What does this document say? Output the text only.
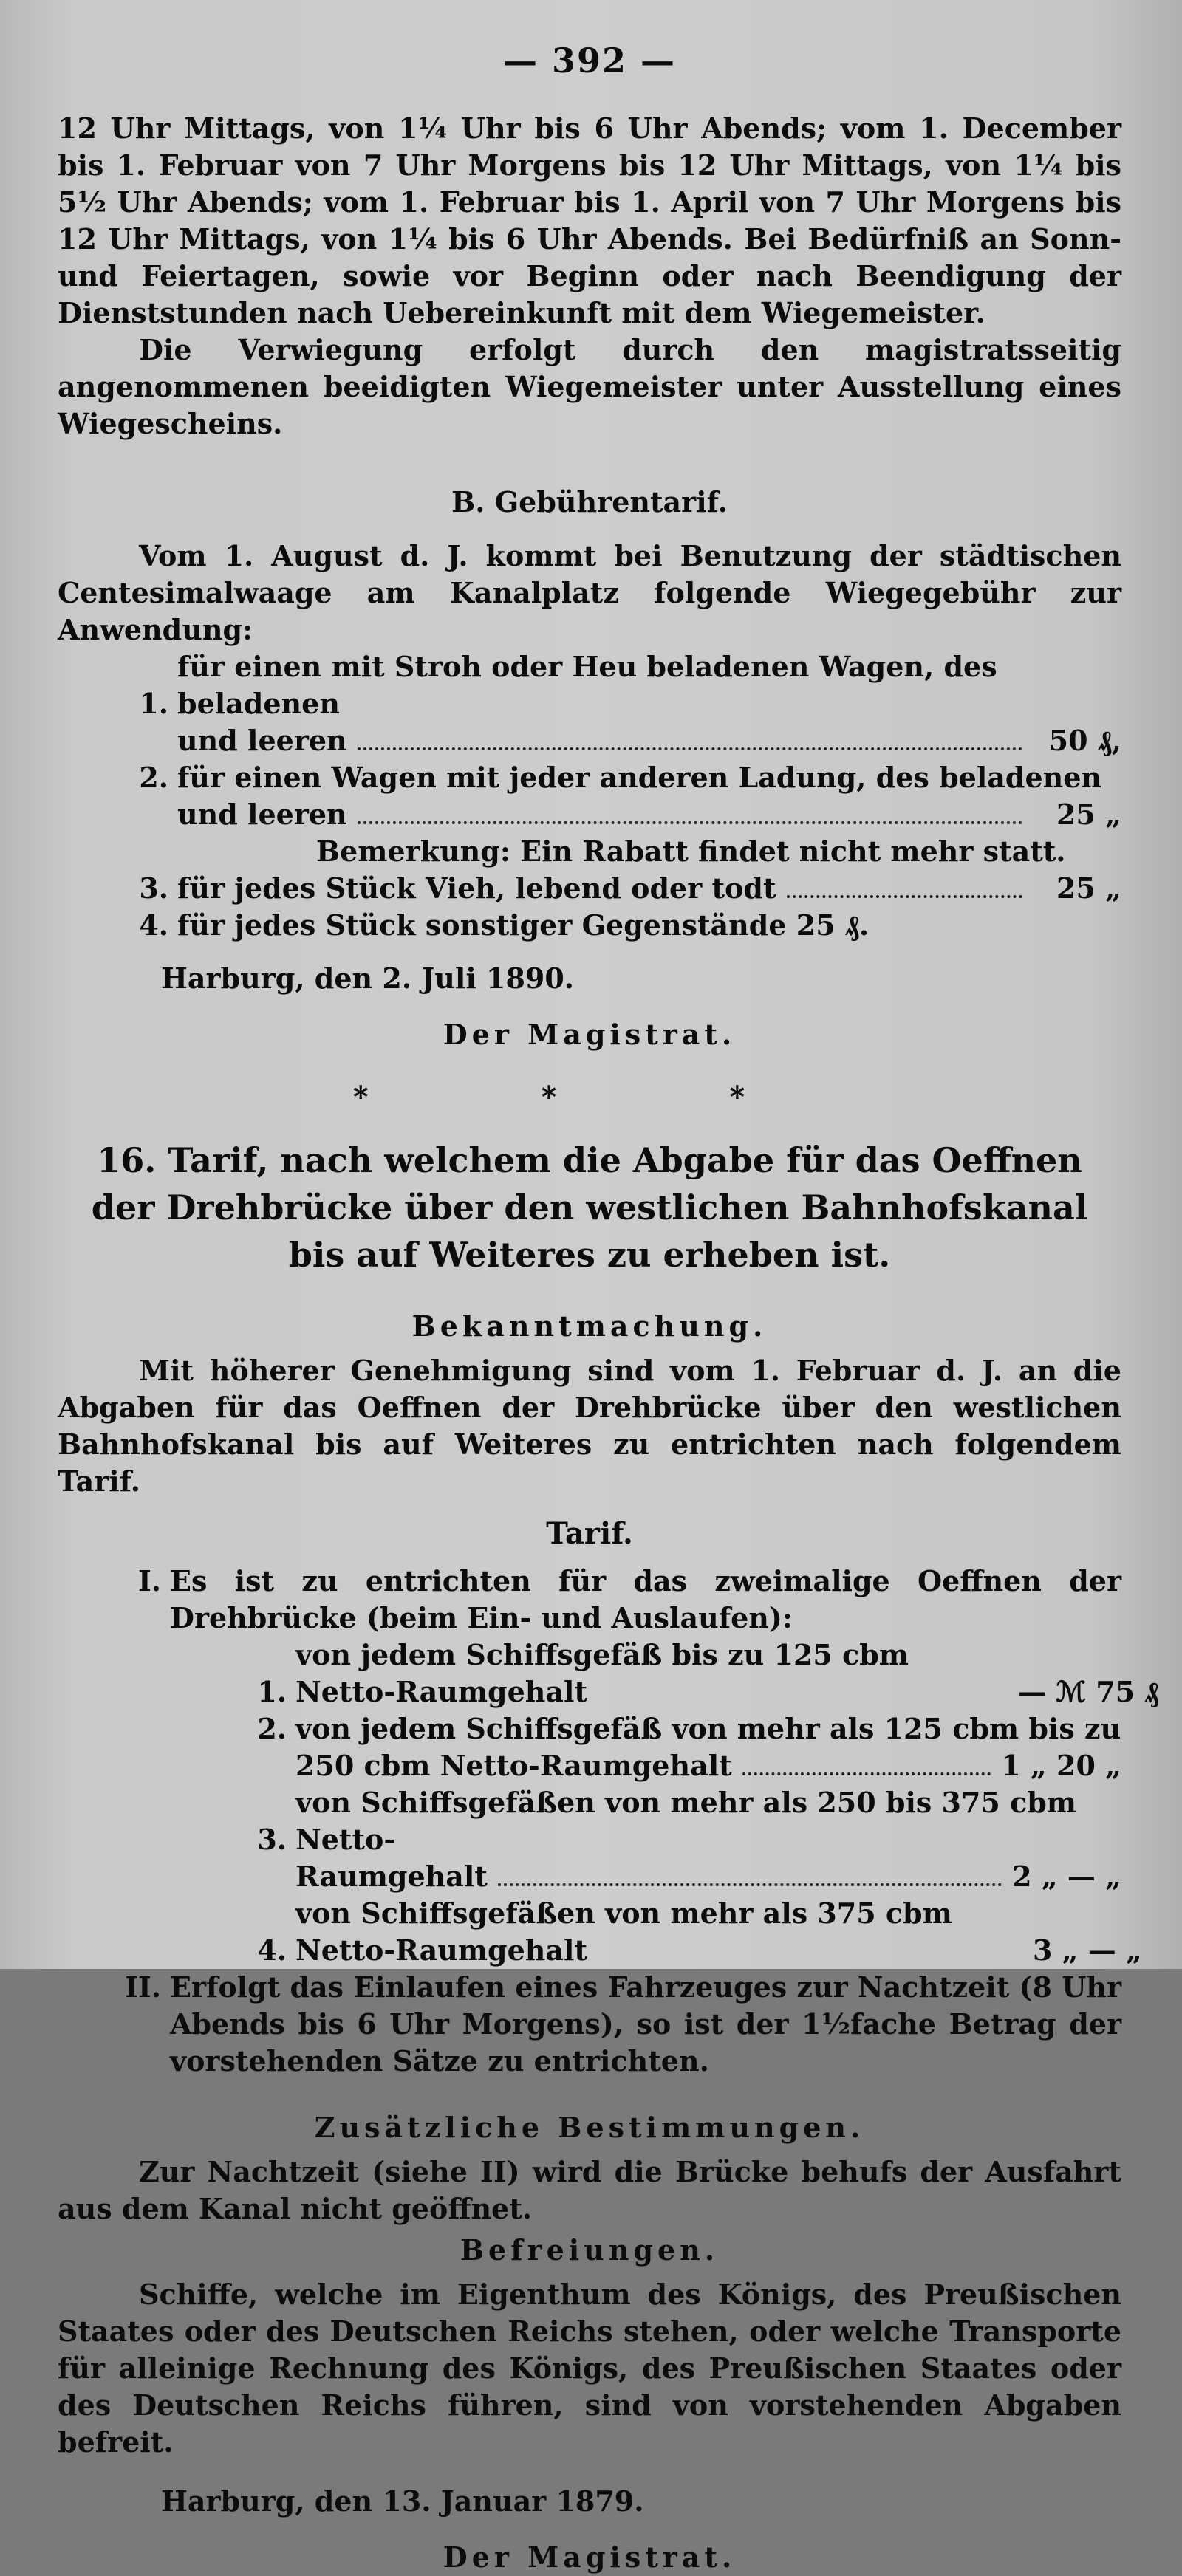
— 392 —

12 Uhr Mittags, von 1¼ Uhr bis 6 Uhr Abends; vom 1. December bis 1. Februar von 7 Uhr Morgens bis 12 Uhr Mittags, von 1¼ bis 5½ Uhr Abends; vom 1. Februar bis 1. April von 7 Uhr Morgens bis 12 Uhr Mittags, von 1¼ bis 6 Uhr Abends. Bei Bedürfniß an Sonn- und Feiertagen, sowie vor Beginn oder nach Beendigung der Dienststunden nach Uebereinkunft mit dem Wiegemeister.

Die Verwiegung erfolgt durch den magistratsseitig angenommenen beeidigten Wiegemeister unter Ausstellung eines Wiegescheins.

B. Gebührentarif.

Vom 1. August d. J. kommt bei Benutzung der städtischen Centesimalwaage am Kanalplatz folgende Wiegegebühr zur Anwendung:

1.
für einen mit Stroh oder Heu beladenen Wagen, des beladenen
und leeren	50 ₰,
2. für einen Wagen mit jeder anderen Ladung, des beladenen
und leeren	25 „
Bemerkung: Ein Rabatt findet nicht mehr statt.
3. für jedes Stück Vieh, lebend oder todt	25 „
4. für jedes Stück sonstiger Gegenstände 25 ₰.
Harburg, den 2. Juli 1890.
Der Magistrat.
* * *
16. Tarif, nach welchem die Abgabe für das Oeffnen der Drehbrücke über den westlichen Bahnhofskanal bis auf Weiteres zu erheben ist.
Bekanntmachung.

Mit höherer Genehmigung sind vom 1. Februar d. J. an die Abgaben für das Oeffnen der Drehbrücke über den westlichen Bahnhofskanal bis auf Weiteres zu entrichten nach folgendem Tarif.

Tarif.
I. Es ist zu entrichten für das zweimalige Oeffnen der Drehbrücke (beim Ein- und Auslaufen):
1.
von jedem Schiffsgefäß bis zu 125 cbm Netto-Raumgehalt	— ℳ 75 ₰
2. von jedem Schiffsgefäß von mehr als 125 cbm bis zu
250 cbm Netto-Raumgehalt	1 „ 20 „
3.
von Schiffsgefäßen von mehr als 250 bis 375 cbm Netto-
Raumgehalt	2 „ — „
4.
von Schiffsgefäßen von mehr als 375 cbm Netto-Raumgehalt	3 „ — „
II. Erfolgt das Einlaufen eines Fahrzeuges zur Nachtzeit (8 Uhr Abends bis 6 Uhr Morgens), so ist der 1½fache Betrag der vorstehenden Sätze zu entrichten.
Zusätzliche Bestimmungen.

Zur Nachtzeit (siehe II) wird die Brücke behufs der Ausfahrt aus dem Kanal nicht geöffnet.

Befreiungen.

Schiffe, welche im Eigenthum des Königs, des Preußischen Staates oder des Deutschen Reichs stehen, oder welche Transporte für alleinige Rechnung des Königs, des Preußischen Staates oder des Deutschen Reichs führen, sind von vorstehenden Abgaben befreit.

Harburg, den 13. Januar 1879.
Der Magistrat.
